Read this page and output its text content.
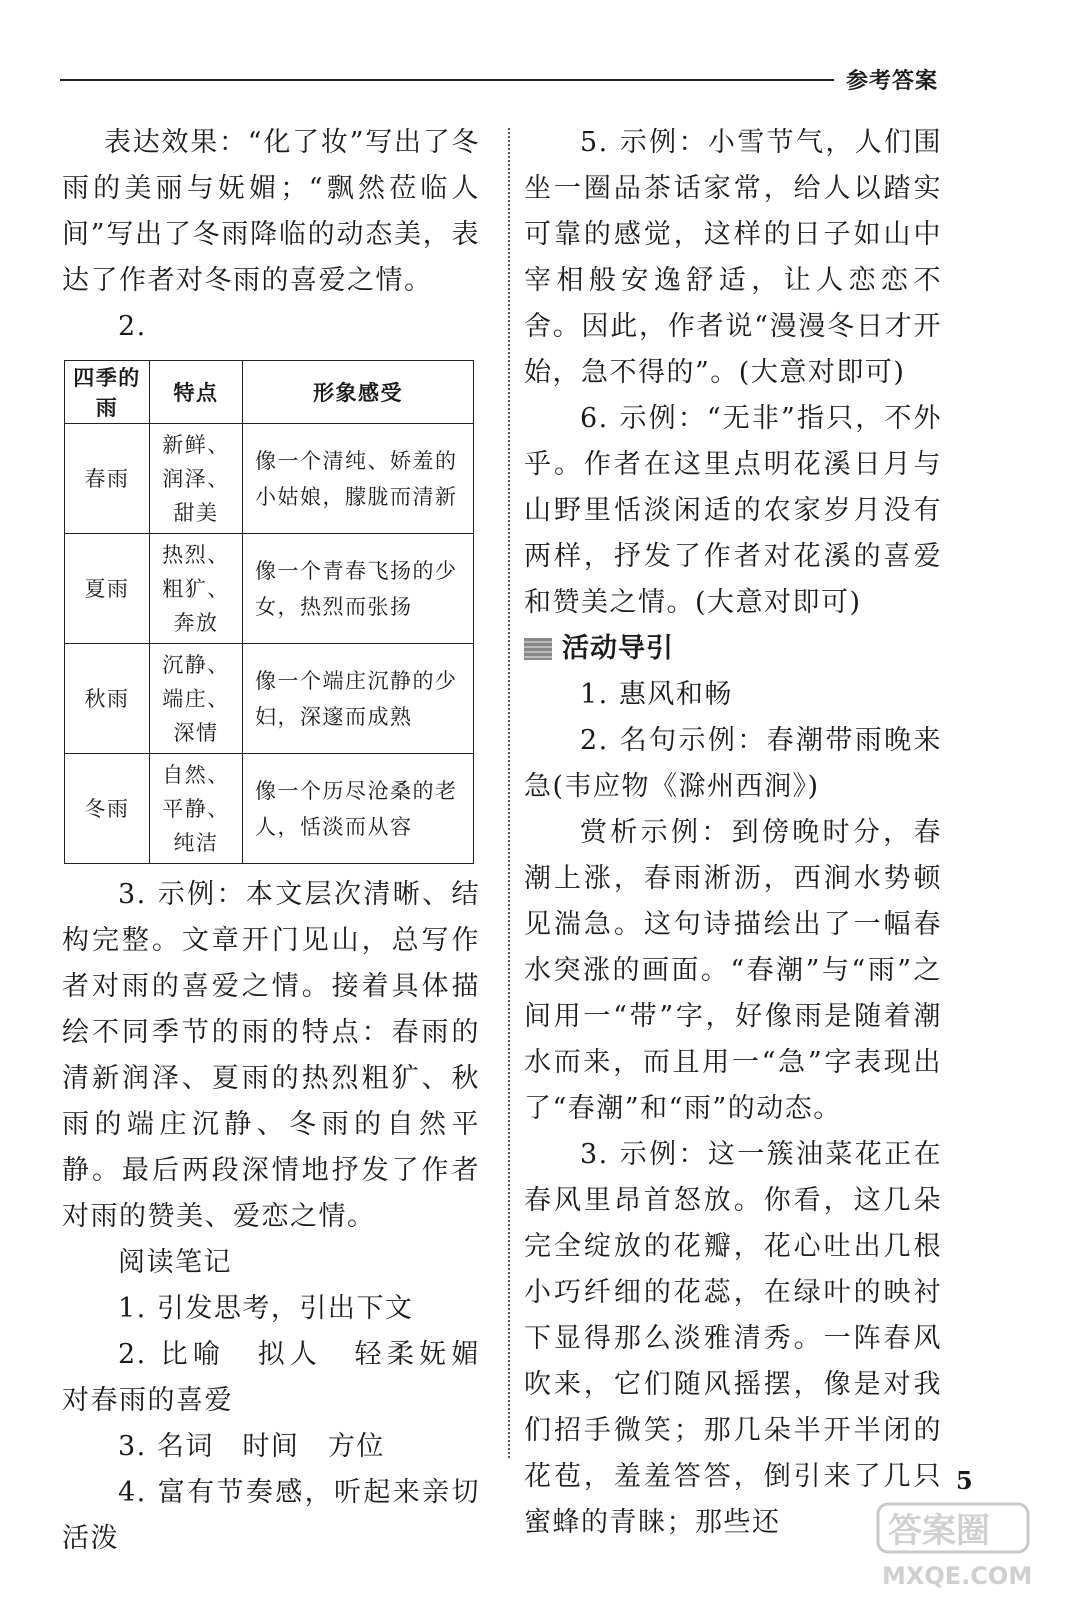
参考答案

表达效果：“化了妆”写出了冬雨的美丽与妩媚；“飘然莅临人间”写出了冬雨降临的动态美，表达了作者对冬雨的喜爱之情。

2.

四季的雨	特点	形象感受
春雨	新鲜、润泽、甜美	像一个清纯、娇羞的小姑娘，朦胧而清新
夏雨	热烈、粗犷、奔放	像一个青春飞扬的少女，热烈而张扬
秋雨	沉静、端庄、深情	像一个端庄沉静的少妇，深邃而成熟
冬雨	自然、平静、纯洁	像一个历尽沧桑的老人，恬淡而从容

3. 示例：本文层次清晰、结构完整。文章开门见山，总写作者对雨的喜爱之情。接着具体描绘不同季节的雨的特点：春雨的清新润泽、夏雨的热烈粗犷、秋雨的端庄沉静、冬雨的自然平静。最后两段深情地抒发了作者对雨的赞美、爱恋之情。

阅读笔记

1. 引发思考，引出下文

2. 比喻　拟人　轻柔妩媚　对春雨的喜爱

3. 名词　时间　方位

4. 富有节奏感，听起来亲切活泼

5. 示例：小雪节气，人们围坐一圈品茶话家常，给人以踏实可靠的感觉，这样的日子如山中宰相般安逸舒适，让人恋恋不舍。因此，作者说“漫漫冬日才开始，急不得的”。(大意对即可)

6. 示例：“无非”指只，不外乎。作者在这里点明花溪日月与山野里恬淡闲适的农家岁月没有两样，抒发了作者对花溪的喜爱和赞美之情。(大意对即可)

活动导引

1. 惠风和畅

2. 名句示例：春潮带雨晚来急(韦应物《滁州西涧》)

赏析示例：到傍晚时分，春潮上涨，春雨淅沥，西涧水势顿见湍急。这句诗描绘出了一幅春水突涨的画面。“春潮”与“雨”之间用一“带”字，好像雨是随着潮水而来，而且用一“急”字表现出了“春潮”和“雨”的动态。

3. 示例：这一簇油菜花正在春风里昂首怒放。你看，这几朵完全绽放的花瓣，花心吐出几根小巧纤细的花蕊，在绿叶的映衬下显得那么淡雅清秀。一阵春风吹来，它们随风摇摆，像是对我们招手微笑；那几朵半开半闭的花苞，羞羞答答，倒引来了几只蜜蜂的青睐；那些还

5
答案圈
MXQE.COM
